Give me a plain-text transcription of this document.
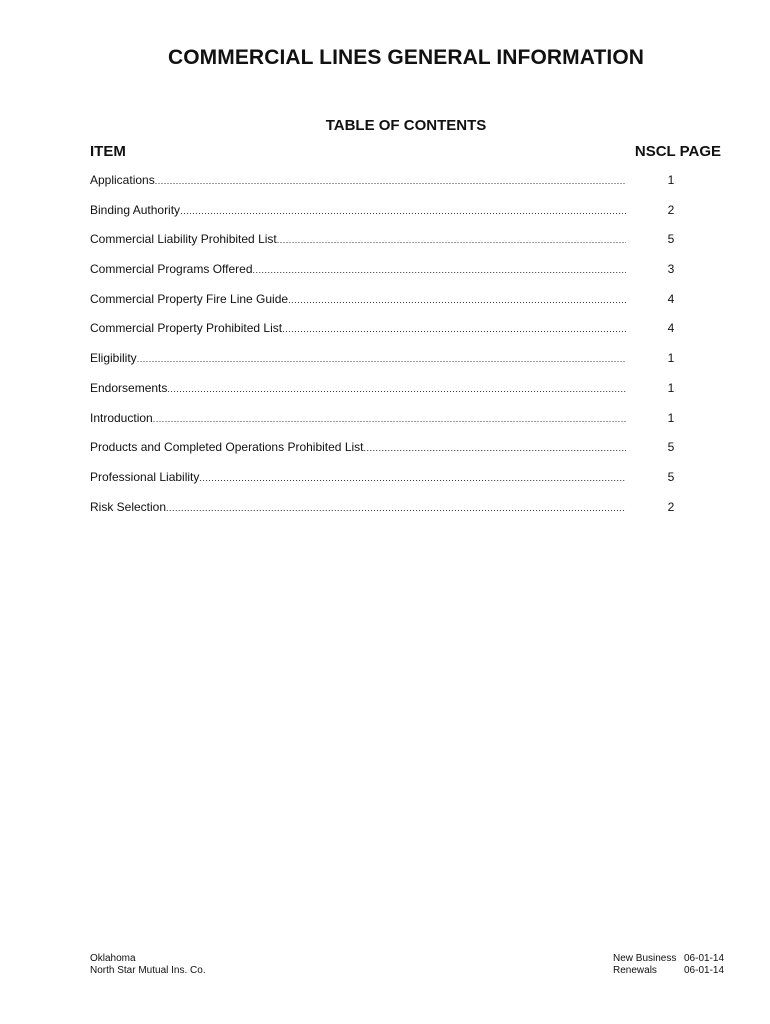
COMMERCIAL LINES GENERAL INFORMATION
TABLE OF CONTENTS
ITEM	NSCL PAGE
Applications .....	1
Binding Authority .....	2
Commercial Liability Prohibited List .....	5
Commercial Programs Offered .....	3
Commercial Property Fire Line Guide .....	4
Commercial Property Prohibited List .....	4
Eligibility .....	1
Endorsements .....	1
Introduction .....	1
Products and Completed Operations Prohibited List .....	5
Professional Liability .....	5
Risk Selection .....	2
Oklahoma
North Star Mutual Ins. Co.
New Business 06-01-14
Renewals	06-01-14
